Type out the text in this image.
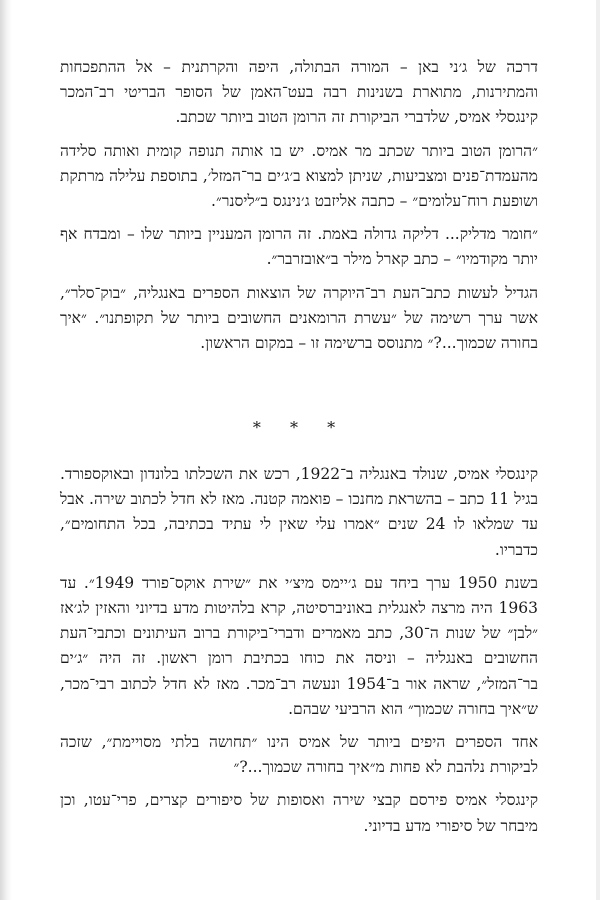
דרכה של ג׳ני באן – המורה הבתולה, היפה והקרתנית – אל ההתפכחות והמתירנות, מתוארת בשנינות רבה בעט־האמן של הסופר הבריטי רב־המכר קינגסלי אמיס, שלדברי הביקורת זה הרומן הטוב ביותר שכתב.

״הרומן הטוב ביותר שכתב מר אמיס. יש בו אותה תנופה קומית ואותה סלידה מהעמדת־פנים ומצביעות, שניתן למצוא ב׳ג׳ים בר־המזל׳, בתוספת עלילה מרתקת ושופעת רוח־עלומים״ – כתבה אליזבט ג׳נינגס ב״ליסנר״.

״חומר מדליק... דליקה גדולה באמת. זה הרומן המעניין ביותר שלו – ומבדח אף יותר מקודמיו״ – כתב קארל מילר ב״אובזרבר״.

הגדיל לעשות כתב־העת רב־היוקרה של הוצאות הספרים באנגליה, ״בוק־סלר״, אשר ערך רשימה של ״עשרת הרומאנים החשובים ביותר של תקופתנו״. ״איך בחורה שכמוך...?״ מתנוסס ברשימה זו – במקום הראשון.

* * *

קינגסלי אמיס, שנולד באנגליה ב־1922, רכש את השכלתו בלונדון ובאוקספורד. בגיל 11 כתב – בהשראת מחנכו – פואמה קטנה. מאז לא חדל לכתוב שירה. אבל עד שמלאו לו 24 שנים ״אמרו עלי שאין לי עתיד בכתיבה, בכל התחומים״, כדבריו.

בשנת 1950 ערך ביחד עם ג׳יימס מיצ׳י את ״שירת אוקס־פורד 1949״. עד 1963 היה מרצה לאנגלית באוניברסיטה, קרא בלהיטות מדע בדיוני והאזין לג׳אז ״לבן״ של שנות ה־30, כתב מאמרים ודברי־ביקורת ברוב העיתונים וכתבי־העת החשובים באנגליה – וניסה את כוחו בכתיבת רומן ראשון. זה היה ״ג׳ים בר־המזל״, שראה אור ב־1954 ונעשה רב־מכר. מאז לא חדל לכתוב רבי־מכר, ש״איך בחורה שכמוך״ הוא הרביעי שבהם.

אחד הספרים היפים ביותר של אמיס הינו ״תחושה בלתי מסויימת״, שזכה לביקורת נלהבת לא פחות מ״איך בחורה שכמוך...?״

קינגסלי אמיס פירסם קבצי שירה ואסופות של סיפורים קצרים, פרי־עטו, וכן מיבחר של סיפורי מדע בדיוני.
